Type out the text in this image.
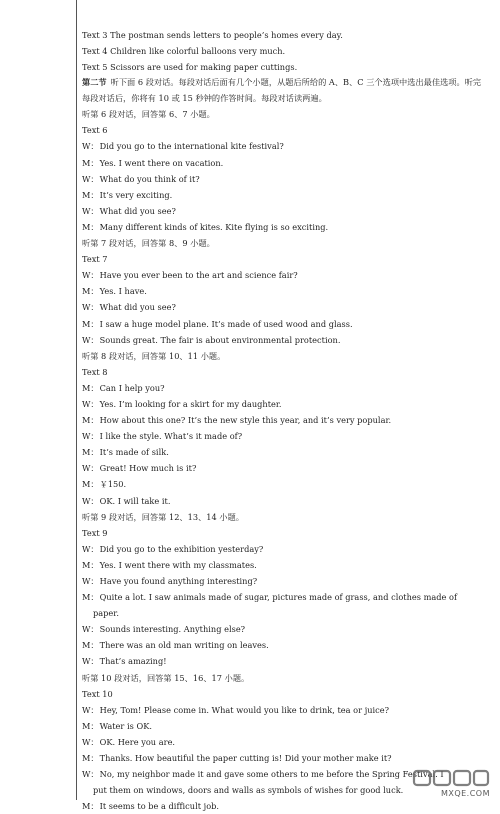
Text 3 The postman sends letters to people’s homes every day.
Text 4 Children like colorful balloons very much.
Text 5 Scissors are used for making paper cuttings.
第二节 听下面 6 段对话。每段对话后面有几个小题，从题后所给的 A、B、C 三个选项中选出最佳选项。听完每段对话后，你将有 10 或 15 秒钟的作答时间。每段对话读两遍。
听第 6 段对话，回答第 6、7 小题。
Text 6
W：Did you go to the international kite festival?
M：Yes. I went there on vacation.
W：What do you think of it?
M：It’s very exciting.
W：What did you see?
M：Many different kinds of kites. Kite flying is so exciting.
听第 7 段对话，回答第 8、9 小题。
Text 7
W：Have you ever been to the art and science fair?
M：Yes. I have.
W：What did you see?
M：I saw a huge model plane. It’s made of used wood and glass.
W：Sounds great. The fair is about environmental protection.
听第 8 段对话，回答第 10、11 小题。
Text 8
M：Can I help you?
W：Yes. I’m looking for a skirt for my daughter.
M：How about this one? It’s the new style this year, and it’s very popular.
W：I like the style. What’s it made of?
M：It’s made of silk.
W：Great! How much is it?
M：￥150.
W：OK. I will take it.
听第 9 段对话，回答第 12、13、14 小题。
Text 9
W：Did you go to the exhibition yesterday?
M：Yes. I went there with my classmates.
W：Have you found anything interesting?
M：Quite a lot. I saw animals made of sugar, pictures made of grass, and clothes made of
paper.
W：Sounds interesting. Anything else?
M：There was an old man writing on leaves.
W：That’s amazing!
听第 10 段对话，回答第 15、16、17 小题。
Text 10
W：Hey, Tom! Please come in. What would you like to drink, tea or juice?
M：Water is OK.
W：OK. Here you are.
M：Thanks. How beautiful the paper cutting is! Did your mother make it?
W：No, my neighbor made it and gave some others to me before the Spring Festival. I
put them on windows, doors and walls as symbols of wishes for good luck.
M：It seems to be a difficult job.
MXQE.COM
